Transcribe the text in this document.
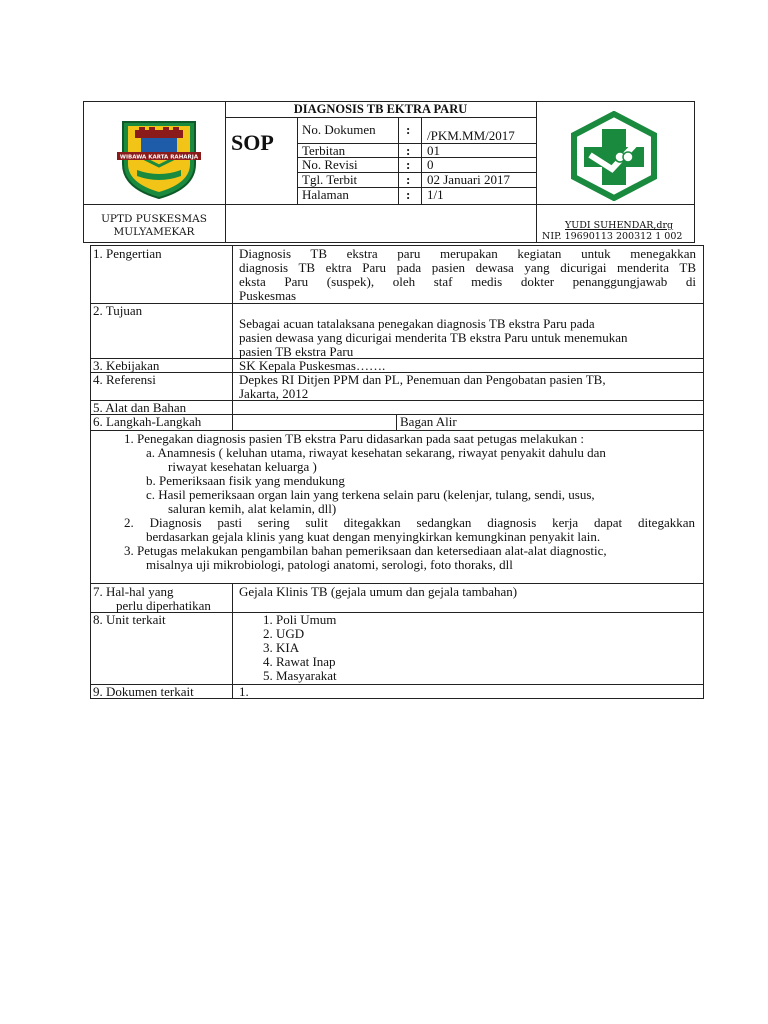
WIBAWA KARTA RAHARJA
DIAGNOSIS TB EKTRA PARU
SOP
No. Dokumen : /PKM.MM/2017
Terbitan	: 01
No. Revisi	: 0
Tgl. Terbit	: 02 Januari 2017
Halaman	: 1/1
UPTD PUSKESMAS
MULYAMEKAR
YUDI SUHENDAR,drg
NIP. 19690113 200312 1 002
1. Pengertian	Diagnosis TB ekstra paru merupakan kegiatan untuk menegakkan
diagnosis TB ektra Paru pada pasien dewasa yang dicurigai menderita TB
eksta Paru (suspek), oleh staf medis dokter penanggungjawab di
Puskesmas
2. Tujuan
Sebagai acuan tatalaksana penegakan diagnosis TB ekstra Paru pada
pasien dewasa yang dicurigai menderita TB ekstra Paru untuk menemukan
pasien TB ekstra Paru
3. Kebijakan	SK Kepala Puskesmas…….
4. Referensi	Depkes RI Ditjen PPM dan PL, Penemuan dan Pengobatan pasien TB,
Jakarta, 2012
5. Alat dan Bahan
6. Langkah-Langkah	Bagan Alir
1. Penegakan diagnosis pasien TB ekstra Paru didasarkan pada saat petugas melakukan :
a. Anamnesis ( keluhan utama, riwayat kesehatan sekarang, riwayat penyakit dahulu dan
riwayat kesehatan keluarga )
b. Pemeriksaan fisik yang mendukung
c. Hasil pemeriksaan organ lain yang terkena selain paru (kelenjar, tulang, sendi, usus,
saluran kemih, alat kelamin, dll)
2. Diagnosis pasti sering sulit ditegakkan sedangkan diagnosis kerja dapat ditegakkan
berdasarkan gejala klinis yang kuat dengan menyingkirkan kemungkinan penyakit lain.
3. Petugas melakukan pengambilan bahan pemeriksaan dan ketersediaan alat-alat diagnostic,
misalnya uji mikrobiologi, patologi anatomi, serologi, foto thoraks, dll
7. Hal-hal yang
perlu diperhatikan
Gejala Klinis TB (gejala umum dan gejala tambahan)
8. Unit terkait	1. Poli Umum
2. UGD
3. KIA
4. Rawat Inap
5. Masyarakat
9. Dokumen terkait	1.
